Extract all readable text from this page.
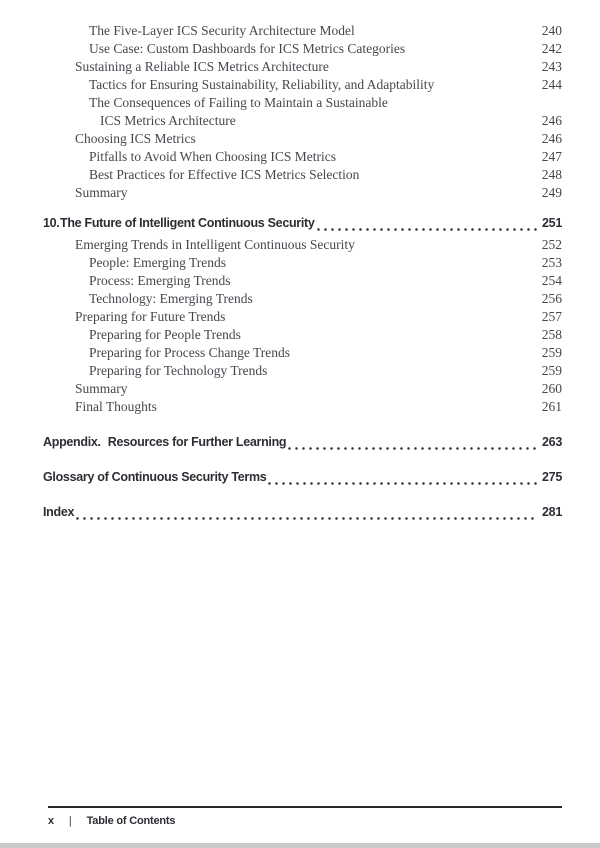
The Five-Layer ICS Security Architecture Model	240
Use Case: Custom Dashboards for ICS Metrics Categories	242
Sustaining a Reliable ICS Metrics Architecture	243
Tactics for Ensuring Sustainability, Reliability, and Adaptability	244
The Consequences of Failing to Maintain a Sustainable
ICS Metrics Architecture	246
Choosing ICS Metrics	246
Pitfalls to Avoid When Choosing ICS Metrics	247
Best Practices for Effective ICS Metrics Selection	248
Summary	249
10. The Future of Intelligent Continuous Security	251
Emerging Trends in Intelligent Continuous Security	252
People: Emerging Trends	253
Process: Emerging Trends	254
Technology: Emerging Trends	256
Preparing for Future Trends	257
Preparing for People Trends	258
Preparing for Process Change Trends	259
Preparing for Technology Trends	259
Summary	260
Final Thoughts	261
Appendix. Resources for Further Learning	263
Glossary of Continuous Security Terms	275
Index	281
x | Table of Contents
